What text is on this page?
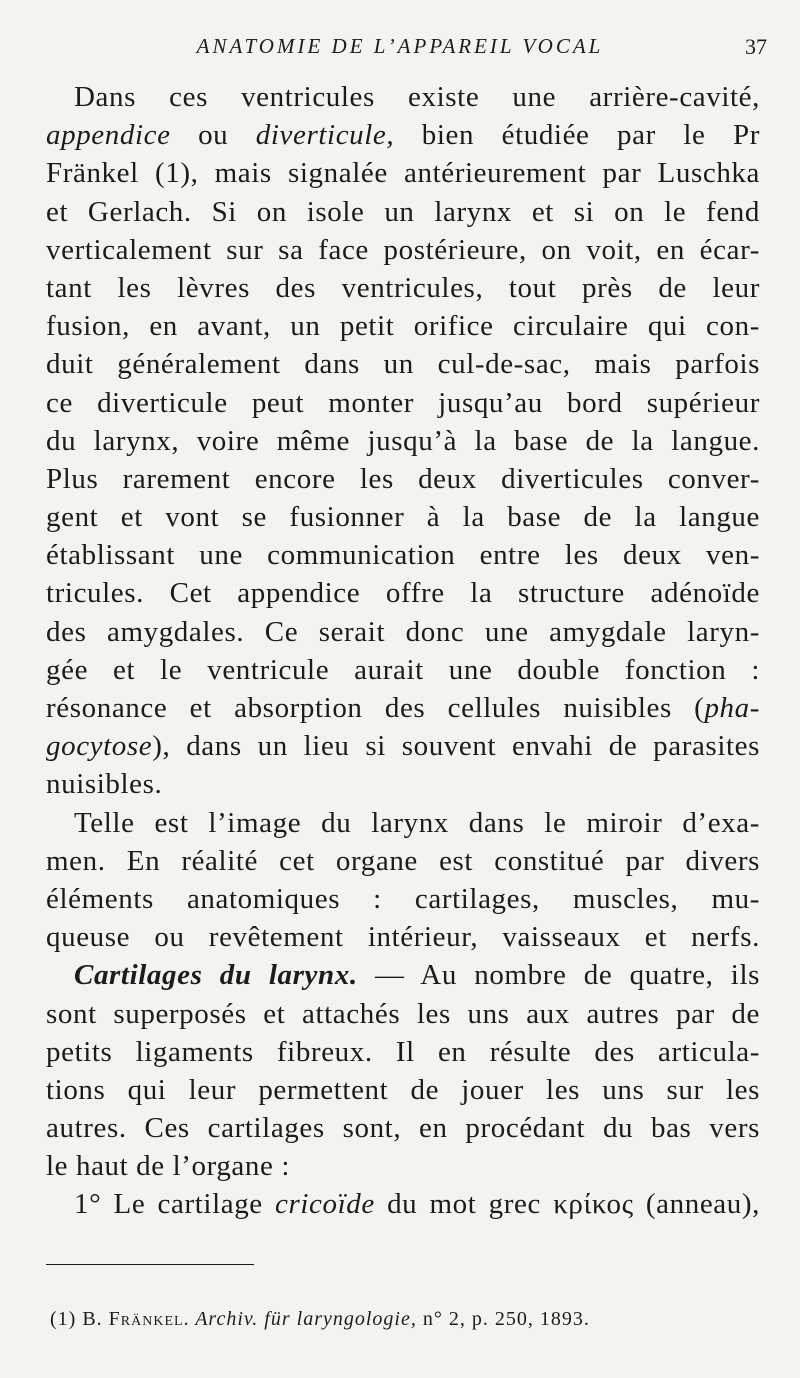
ANATOMIE DE L’APPAREIL VOCAL	37
Dans ces ventricules existe une arrière-cavité,
appendice ou diverticule, bien étudiée par le Pr
Fränkel (1), mais signalée antérieurement par Luschka
et Gerlach. Si on isole un larynx et si on le fend
verticalement sur sa face postérieure, on voit, en écar-
tant les lèvres des ventricules, tout près de leur
fusion, en avant, un petit orifice circulaire qui con-
duit généralement dans un cul-de-sac, mais parfois
ce diverticule peut monter jusqu’au bord supérieur
du larynx, voire même jusqu’à la base de la langue.
Plus rarement encore les deux diverticules conver-
gent et vont se fusionner à la base de la langue
établissant une communication entre les deux ven-
tricules. Cet appendice offre la structure adénoïde
des amygdales. Ce serait donc une amygdale laryn-
gée et le ventricule aurait une double fonction :
résonance et absorption des cellules nuisibles (pha-
gocytose), dans un lieu si souvent envahi de parasites
nuisibles.
Telle est l’image du larynx dans le miroir d’exa-
men. En réalité cet organe est constitué par divers
éléments anatomiques : cartilages, muscles, mu-
queuse ou revêtement intérieur, vaisseaux et nerfs.
Cartilages du larynx. — Au nombre de quatre, ils
sont superposés et attachés les uns aux autres par de
petits ligaments fibreux. Il en résulte des articula-
tions qui leur permettent de jouer les uns sur les
autres. Ces cartilages sont, en procédant du bas vers
le haut de l’organe :
1° Le cartilage cricoïde du mot grec κρίκος (anneau),
(1) B. Fränkel. Archiv. für laryngologie, n° 2, p. 250, 1893.
